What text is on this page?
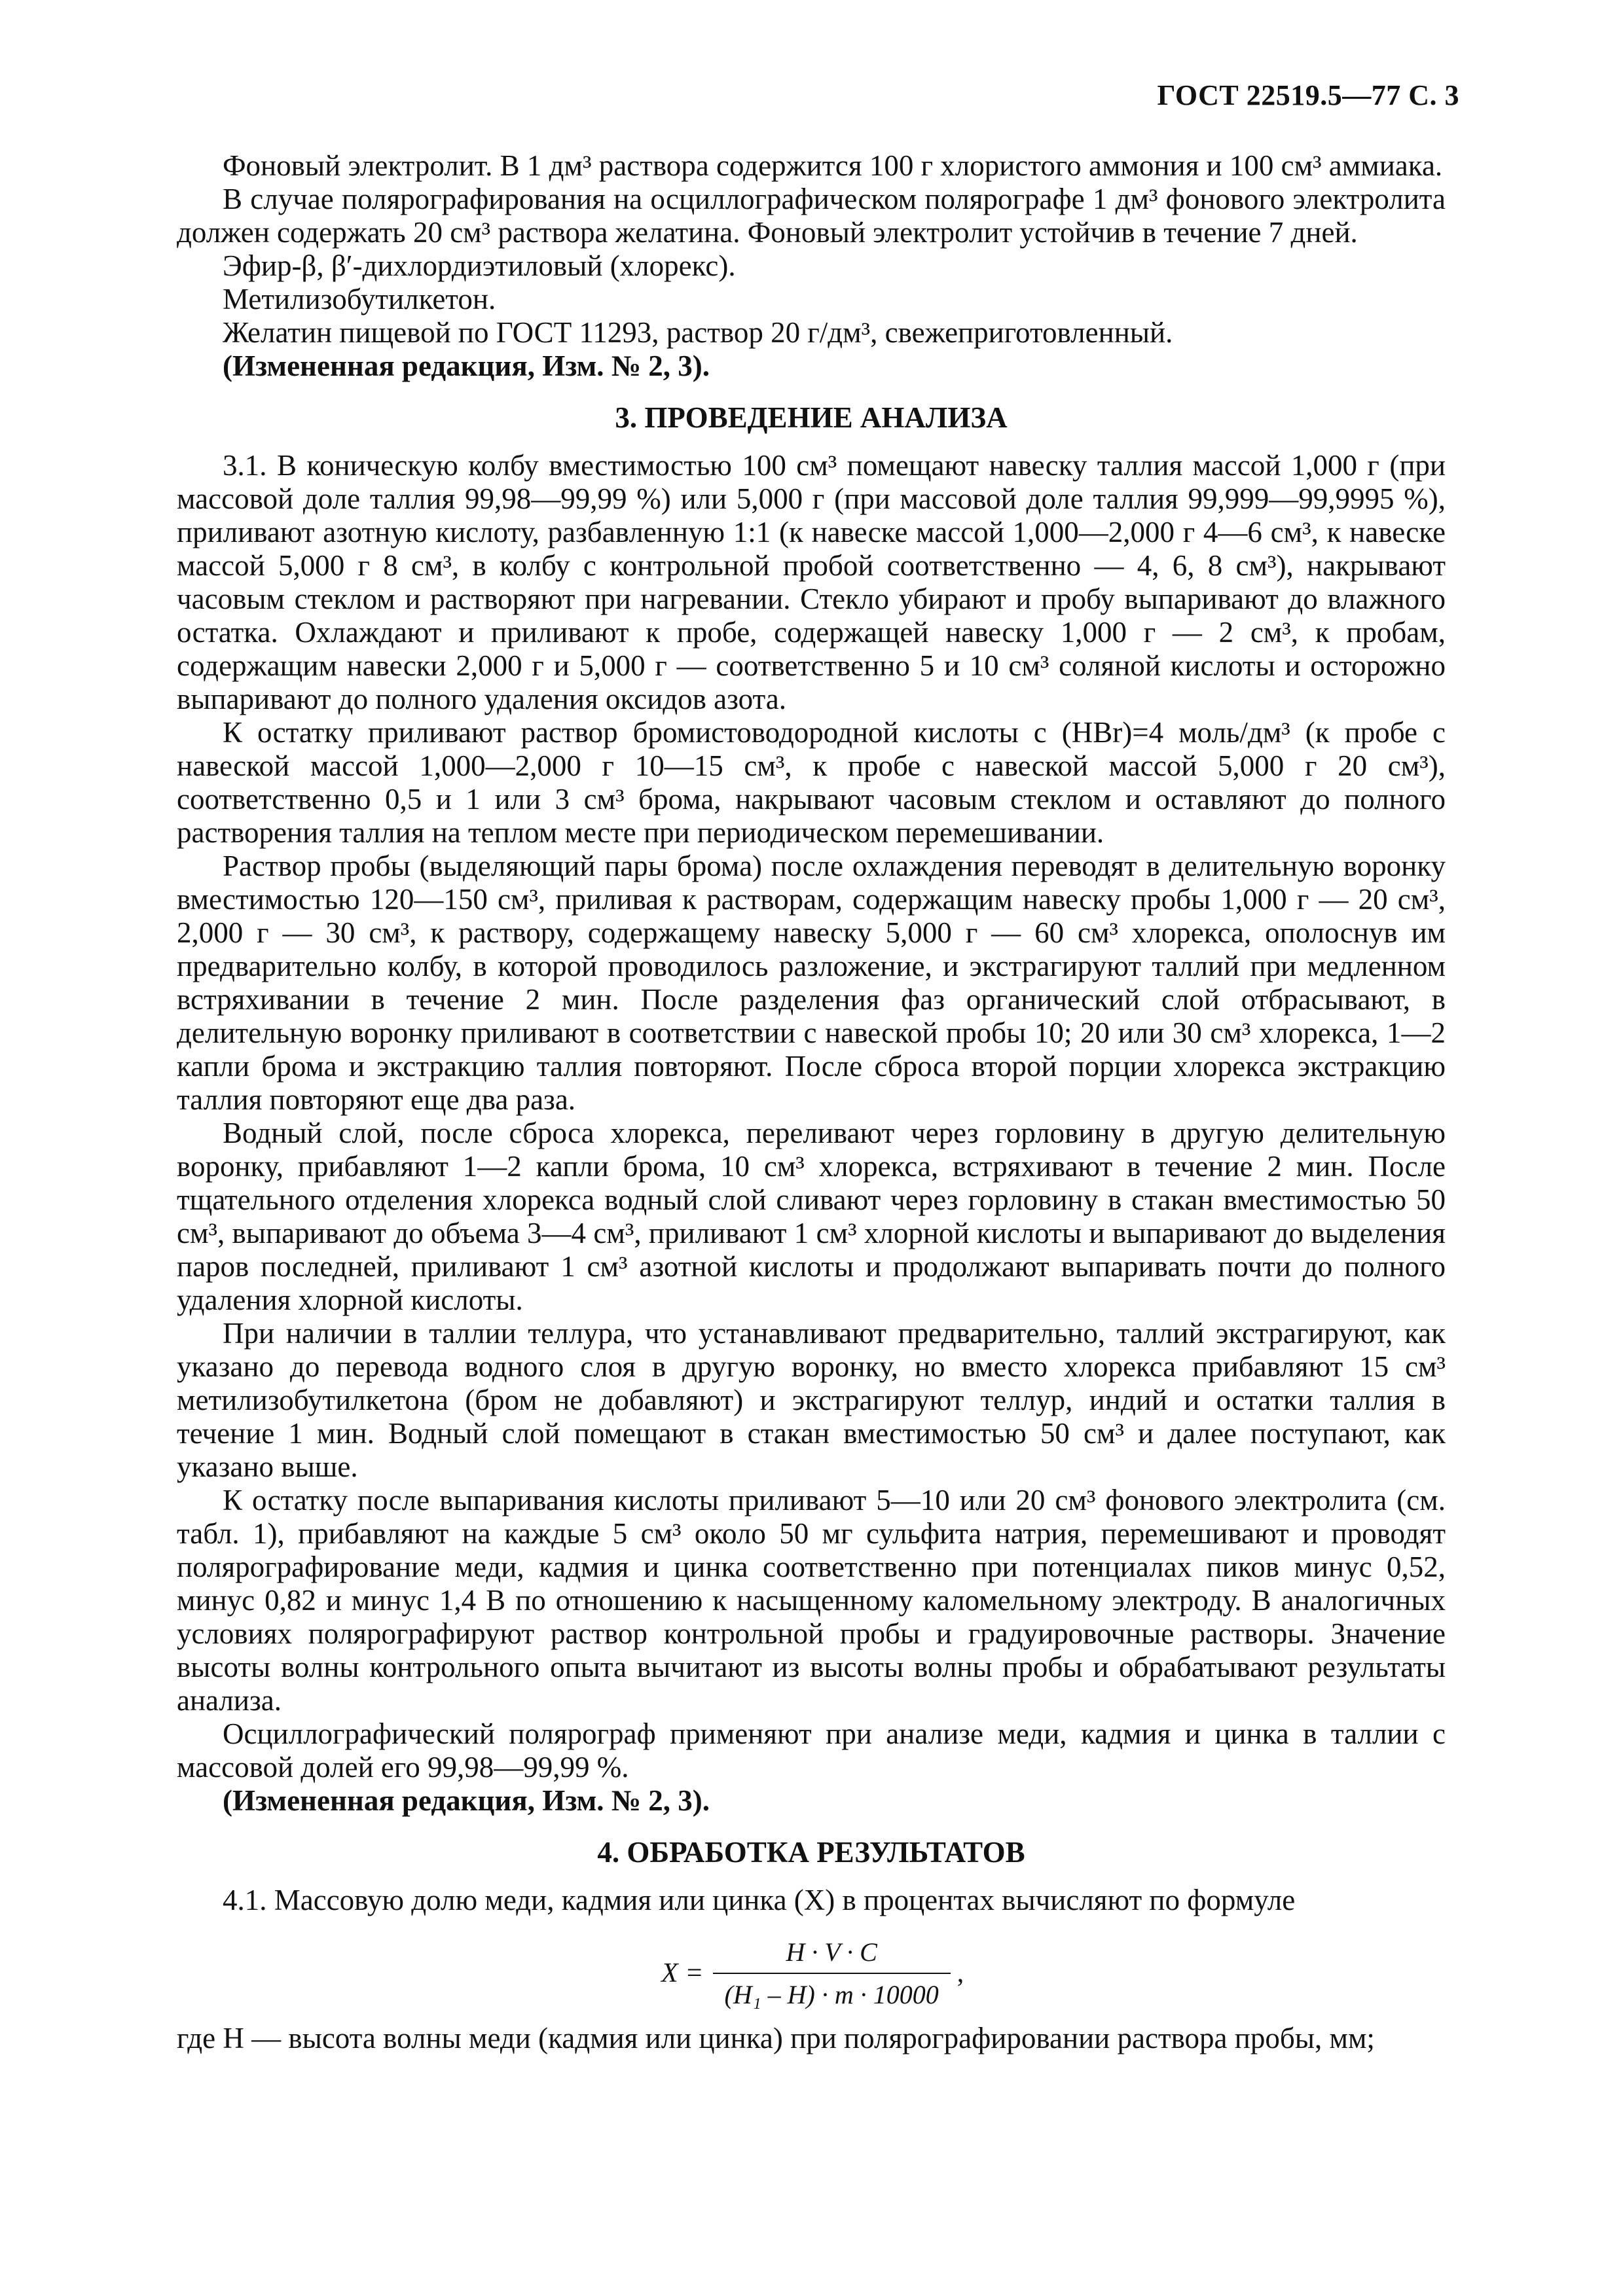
ГОСТ 22519.5—77 С. 3

Фоновый электролит. В 1 дм³ раствора содержится 100 г хлористого аммония и 100 см³ аммиака.

В случае полярографирования на осциллографическом полярографе 1 дм³ фонового электролита должен содержать 20 см³ раствора желатина. Фоновый электролит устойчив в течение 7 дней.

Эфир-β, β′-дихлордиэтиловый (хлорекс).

Метилизобутилкетон.

Желатин пищевой по ГОСТ 11293, раствор 20 г/дм³, свежеприготовленный.

(Измененная редакция, Изм. № 2, 3).

3. ПРОВЕДЕНИЕ АНАЛИЗА

3.1. В коническую колбу вместимостью 100 см³ помещают навеску таллия массой 1,000 г (при массовой доле таллия 99,98—99,99 %) или 5,000 г (при массовой доле таллия 99,999—99,9995 %), приливают азотную кислоту, разбавленную 1:1 (к навеске массой 1,000—2,000 г 4—6 см³, к навеске массой 5,000 г 8 см³, в колбу с контрольной пробой соответственно — 4, 6, 8 см³), накрывают часовым стеклом и растворяют при нагревании. Стекло убирают и пробу выпаривают до влажного остатка. Охлаждают и приливают к пробе, содержащей навеску 1,000 г — 2 см³, к пробам, содержащим навески 2,000 г и 5,000 г — соответственно 5 и 10 см³ соляной кислоты и осторожно выпаривают до полного удаления оксидов азота.

К остатку приливают раствор бромистоводородной кислоты с (HBr)=4 моль/дм³ (к пробе с навеской массой 1,000—2,000 г 10—15 см³, к пробе с навеской массой 5,000 г 20 см³), соответственно 0,5 и 1 или 3 см³ брома, накрывают часовым стеклом и оставляют до полного растворения таллия на теплом месте при периодическом перемешивании.

Раствор пробы (выделяющий пары брома) после охлаждения переводят в делительную воронку вместимостью 120—150 см³, приливая к растворам, содержащим навеску пробы 1,000 г — 20 см³, 2,000 г — 30 см³, к раствору, содержащему навеску 5,000 г — 60 см³ хлорекса, ополоснув им предварительно колбу, в которой проводилось разложение, и экстрагируют таллий при медленном встряхивании в течение 2 мин. После разделения фаз органический слой отбрасывают, в делительную воронку приливают в соответствии с навеской пробы 10; 20 или 30 см³ хлорекса, 1—2 капли брома и экстракцию таллия повторяют. После сброса второй порции хлорекса экстракцию таллия повторяют еще два раза.

Водный слой, после сброса хлорекса, переливают через горловину в другую делительную воронку, прибавляют 1—2 капли брома, 10 см³ хлорекса, встряхивают в течение 2 мин. После тщательного отделения хлорекса водный слой сливают через горловину в стакан вместимостью 50 см³, выпаривают до объема 3—4 см³, приливают 1 см³ хлорной кислоты и выпаривают до выделения паров последней, приливают 1 см³ азотной кислоты и продолжают выпаривать почти до полного удаления хлорной кислоты.

При наличии в таллии теллура, что устанавливают предварительно, таллий экстрагируют, как указано до перевода водного слоя в другую воронку, но вместо хлорекса прибавляют 15 см³ метилизобутилкетона (бром не добавляют) и экстрагируют теллур, индий и остатки таллия в течение 1 мин. Водный слой помещают в стакан вместимостью 50 см³ и далее поступают, как указано выше.

К остатку после выпаривания кислоты приливают 5—10 или 20 см³ фонового электролита (см. табл. 1), прибавляют на каждые 5 см³ около 50 мг сульфита натрия, перемешивают и проводят полярографирование меди, кадмия и цинка соответственно при потенциалах пиков минус 0,52, минус 0,82 и минус 1,4 В по отношению к насыщенному каломельному электроду. В аналогичных условиях полярографируют раствор контрольной пробы и градуировочные растворы. Значение высоты волны контрольного опыта вычитают из высоты волны пробы и обрабатывают результаты анализа.

Осциллографический полярограф применяют при анализе меди, кадмия и цинка в таллии с массовой долей его 99,98—99,99 %.

(Измененная редакция, Изм. № 2, 3).

4. ОБРАБОТКА РЕЗУЛЬТАТОВ

4.1. Массовую долю меди, кадмия или цинка (X) в процентах вычисляют по формуле

$X = \frac{H \cdot V \cdot C}{\text{(H₁ – H) · m · 10000}}$ ,

где H — высота волны меди (кадмия или цинка) при полярографировании раствора пробы, мм;
